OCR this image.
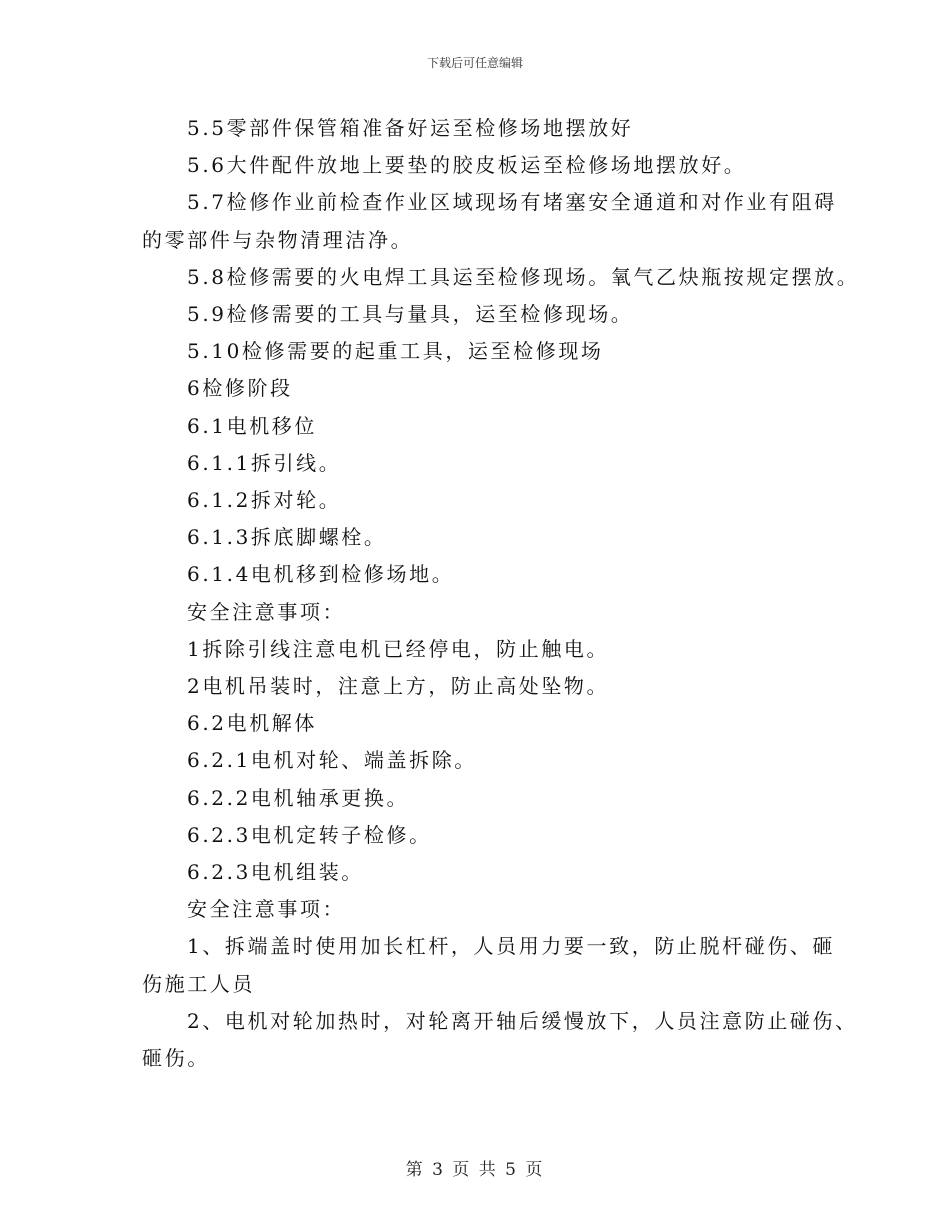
下载后可任意编辑
5.5零部件保管箱准备好运至检修场地摆放好
5.6大件配件放地上要垫的胶皮板运至检修场地摆放好。
5.7检修作业前检查作业区域现场有堵塞安全通道和对作业有阻碍
的零部件与杂物清理洁净。
5.8检修需要的火电焊工具运至检修现场。氧气乙炔瓶按规定摆放。
5.9检修需要的工具与量具，运至检修现场。
5.10检修需要的起重工具，运至检修现场
6检修阶段
6.1电机移位
6.1.1拆引线。
6.1.2拆对轮。
6.1.3拆底脚螺栓。
6.1.4电机移到检修场地。
安全注意事项：
1拆除引线注意电机已经停电，防止触电。
2电机吊装时，注意上方，防止高处坠物。
6.2电机解体
6.2.1电机对轮、端盖拆除。
6.2.2电机轴承更换。
6.2.3电机定转子检修。
6.2.3电机组装。
安全注意事项：
1、拆端盖时使用加长杠杆，人员用力要一致，防止脱杆碰伤、砸
伤施工人员
2、电机对轮加热时，对轮离开轴后缓慢放下，人员注意防止碰伤、
砸伤。
第 3 页 共 5 页
